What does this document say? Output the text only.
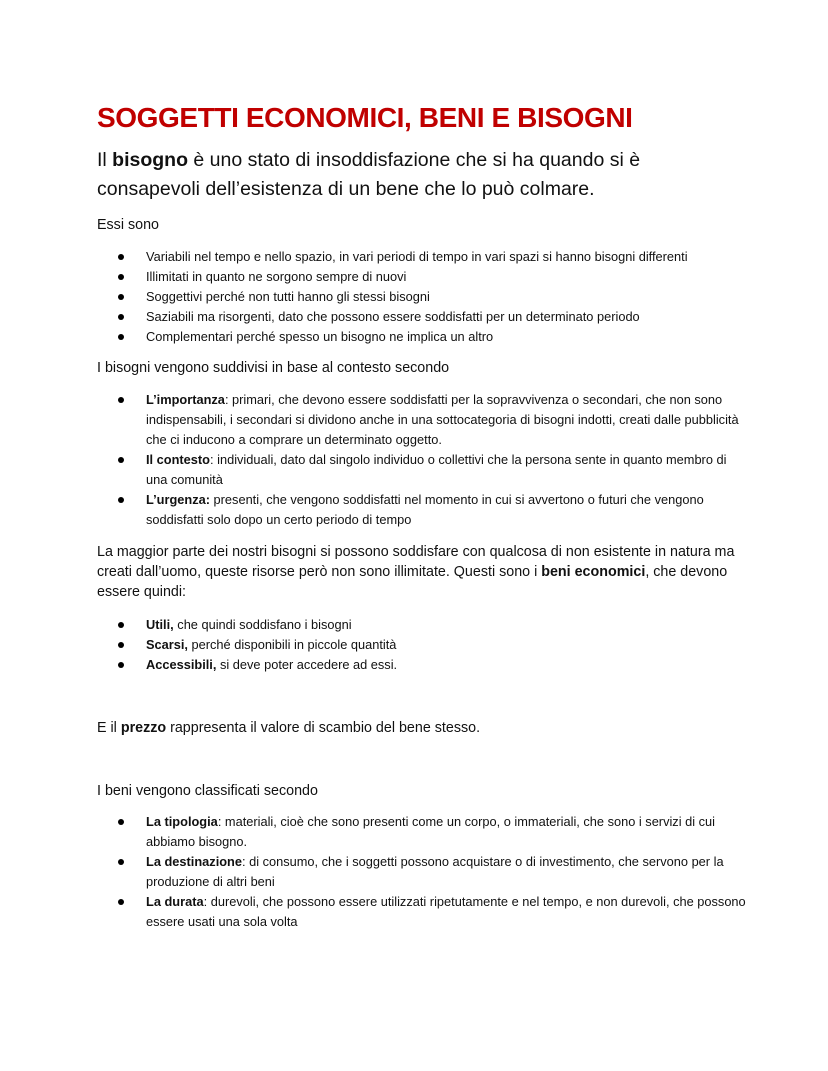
SOGGETTI ECONOMICI, BENI E BISOGNI

Il bisogno è uno stato di insoddisfazione che si ha quando si è consapevoli dell’esistenza di un bene che lo può colmare.

Essi sono

Variabili nel tempo e nello spazio, in vari periodi di tempo in vari spazi si hanno bisogni differenti
Illimitati in quanto ne sorgono sempre di nuovi
Soggettivi perché non tutti hanno gli stessi bisogni
Saziabili ma risorgenti, dato che possono essere soddisfatti per un determinato periodo
Complementari perché spesso un bisogno ne implica un altro

I bisogni vengono suddivisi in base al contesto secondo

L’importanza: primari, che devono essere soddisfatti per la sopravvivenza o secondari, che non sono indispensabili, i secondari si dividono anche in una sottocategoria di bisogni indotti, creati dalle pubblicità che ci inducono a comprare un determinato oggetto.
Il contesto: individuali, dato dal singolo individuo o collettivi che la persona sente in quanto membro di una comunità
L’urgenza: presenti, che vengono soddisfatti nel momento in cui si avvertono o futuri che vengono soddisfatti solo dopo un certo periodo di tempo

La maggior parte dei nostri bisogni si possono soddisfare con qualcosa di non esistente in natura ma creati dall’uomo, queste risorse però non sono illimitate. Questi sono i beni economici, che devono essere quindi:

Utili, che quindi soddisfano i bisogni
Scarsi, perché disponibili in piccole quantità
Accessibili, si deve poter accedere ad essi.

E il prezzo rappresenta il valore di scambio del bene stesso.

I beni vengono classificati secondo

La tipologia: materiali, cioè che sono presenti come un corpo, o immateriali, che sono i servizi di cui abbiamo bisogno.
La destinazione: di consumo, che i soggetti possono acquistare o di investimento, che servono per la produzione di altri beni
La durata: durevoli, che possono essere utilizzati ripetutamente e nel tempo, e non durevoli, che possono essere usati una sola volta
